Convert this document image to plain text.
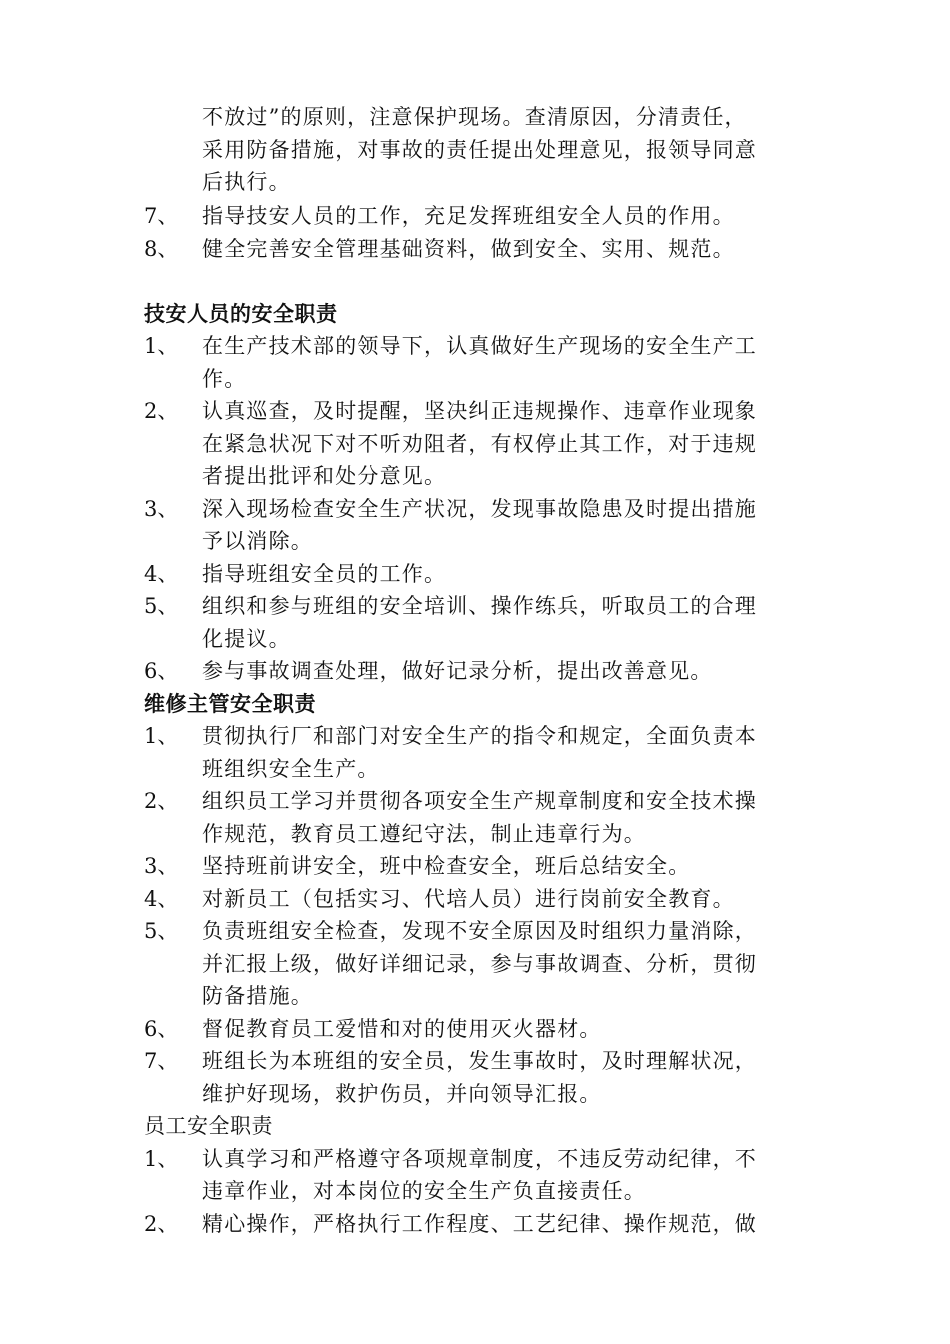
不放过”的原则，注意保护现场。查清原因，分清责任，
采用防备措施，对事故的责任提出处理意见，报领导同意
后执行。
7、 指导技安人员的工作，充足发挥班组安全人员的作用。
8、 健全完善安全管理基础资料，做到安全、实用、规范。
技安人员的安全职责
1、 在生产技术部的领导下，认真做好生产现场的安全生产工
作。
2、 认真巡查，及时提醒，坚决纠正违规操作、违章作业现象
在紧急状况下对不听劝阻者，有权停止其工作，对于违规
者提出批评和处分意见。
3、 深入现场检查安全生产状况，发现事故隐患及时提出措施
予以消除。
4、 指导班组安全员的工作。
5、 组织和参与班组的安全培训、操作练兵，听取员工的合理
化提议。
6、 参与事故调查处理，做好记录分析，提出改善意见。
维修主管安全职责
1、 贯彻执行厂和部门对安全生产的指令和规定，全面负责本
班组织安全生产。
2、 组织员工学习并贯彻各项安全生产规章制度和安全技术操
作规范，教育员工遵纪守法，制止违章行为。
3、 坚持班前讲安全，班中检查安全，班后总结安全。
4、 对新员工（包括实习、代培人员）进行岗前安全教育。
5、 负责班组安全检查，发现不安全原因及时组织力量消除，
并汇报上级，做好详细记录，参与事故调查、分析，贯彻
防备措施。
6、 督促教育员工爱惜和对的使用灭火器材。
7、 班组长为本班组的安全员，发生事故时，及时理解状况，
维护好现场，救护伤员，并向领导汇报。
员工安全职责
1、 认真学习和严格遵守各项规章制度，不违反劳动纪律，不
违章作业，对本岗位的安全生产负直接责任。
2、 精心操作，严格执行工作程度、工艺纪律、操作规范，做
